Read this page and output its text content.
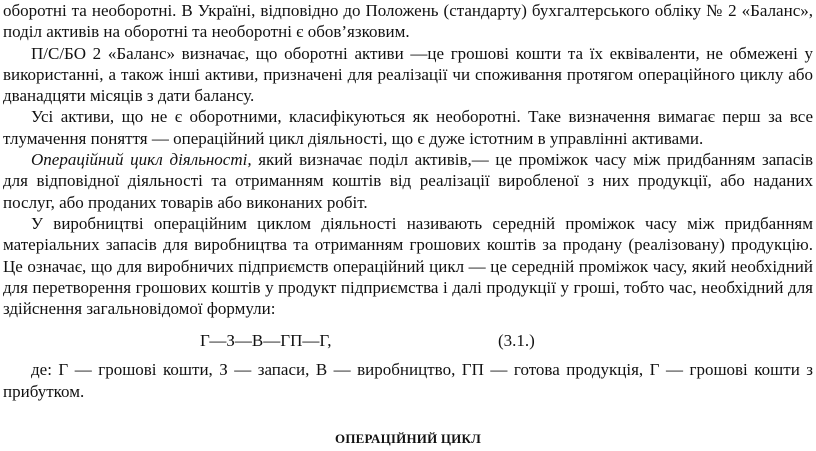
оборотні та необоротні. В Україні, відповідно до Положень (стандарту) бухгалтерського обліку № 2 «Баланс», поділ активів на оборотні та необоротні є обов’язковим.

П/С/БО 2 «Баланс» визначає, що оборотні активи —це грошові кошти та їх еквіваленти, не обмежені у використанні, а також інші активи, призначені для реалізації чи споживання протягом операційного циклу або дванадцяти місяців з дати балансу.

Усі активи, що не є оборотними, класифікуються як необоротні. Таке визначення вимагає перш за все тлумачення поняття — операційний цикл діяльності, що є дуже істотним в управлінні активами.

Операційний цикл діяльності, який визначає поділ активів,— це проміжок часу між придбанням запасів для відповідної діяльності та отриманням коштів від реалізації виробленої з них продукції, або наданих послуг, або проданих товарів або виконаних робіт.

У виробництві операційним циклом діяльності називають середній проміжок часу між придбанням матеріальних запасів для виробництва та отриманням грошових коштів за продану (реалізовану) продукцію. Це означає, що для виробничих підприємств операційний цикл — це середній проміжок часу, який необхідний для перетворення грошових коштів у продукт підприємства і далі продукції у гроші, тобто час, необхідний для здійснення загальновідомої формули:

Г—З—В—ГП—Г,	(3.1.)

де: Г — грошові кошти, З — запаси, В — виробництво, ГП — готова продукція, Г — грошові кошти з прибутком.

ОПЕРАЦІЙНИЙ ЦИКЛ
